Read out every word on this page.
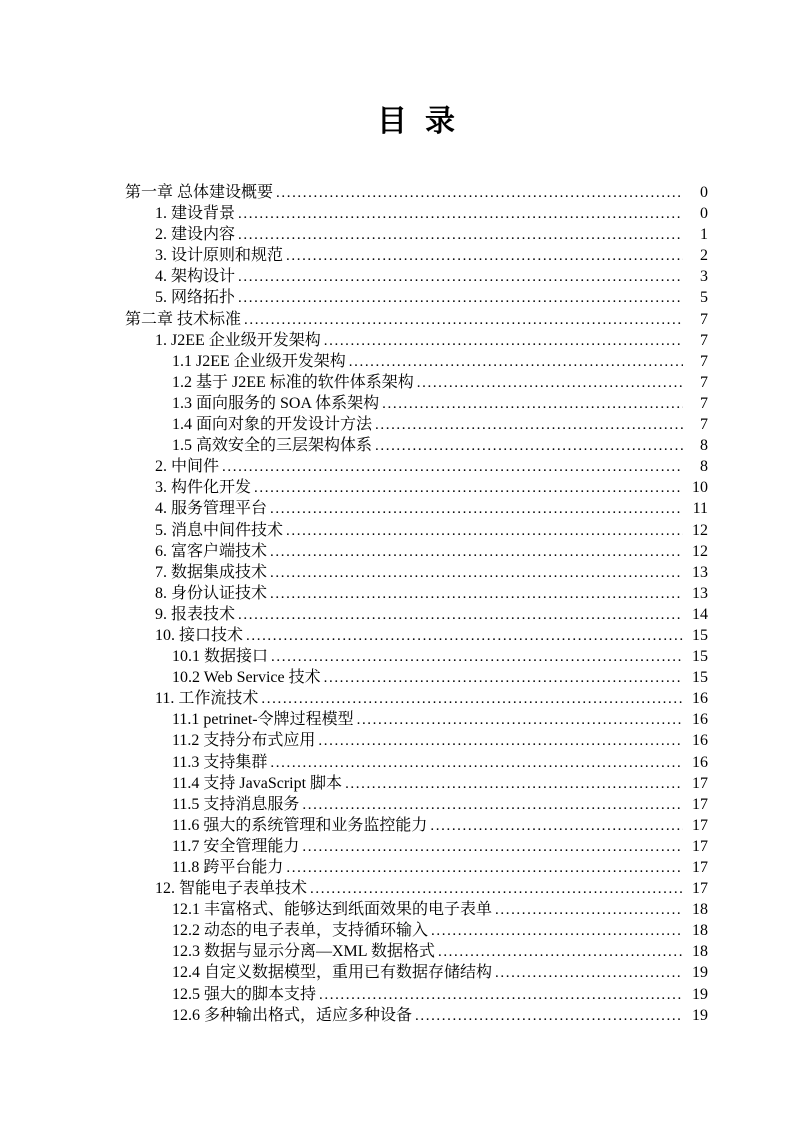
目  录
第一章 总体建设概要 .....	0
1. 建设背景 .....	0
2. 建设内容 .....	1
3. 设计原则和规范 .....	2
4. 架构设计 .....	3
5. 网络拓扑 .....	5
第二章 技术标准 .....	7
1. J2EE 企业级开发架构 .....	7
1.1 J2EE 企业级开发架构 .....	7
1.2 基于 J2EE 标准的软件体系架构 .....	7
1.3 面向服务的 SOA 体系架构 .....	7
1.4 面向对象的开发设计方法 .....	7
1.5 高效安全的三层架构体系 .....	8
2. 中间件 .....	8
3. 构件化开发 .....	10
4. 服务管理平台 .....	11
5. 消息中间件技术 .....	12
6. 富客户端技术 .....	12
7. 数据集成技术 .....	13
8. 身份认证技术 .....	13
9. 报表技术 .....	14
10. 接口技术 .....	15
10.1 数据接口 .....	15
10.2 Web Service 技术 .....	15
11. 工作流技术 .....	16
11.1 petrinet-令牌过程模型 .....	16
11.2 支持分布式应用 .....	16
11.3 支持集群 .....	16
11.4 支持 JavaScript 脚本 .....	17
11.5 支持消息服务 .....	17
11.6 强大的系统管理和业务监控能力 .....	17
11.7 安全管理能力 .....	17
11.8 跨平台能力 .....	17
12. 智能电子表单技术 .....	17
12.1 丰富格式、能够达到纸面效果的电子表单 .....	18
12.2 动态的电子表单，支持循环输入 .....	18
12.3 数据与显示分离—XML 数据格式 .....	18
12.4 自定义数据模型，重用已有数据存储结构 .....	19
12.5 强大的脚本支持 .....	19
12.6 多种输出格式，适应多种设备 .....	19
